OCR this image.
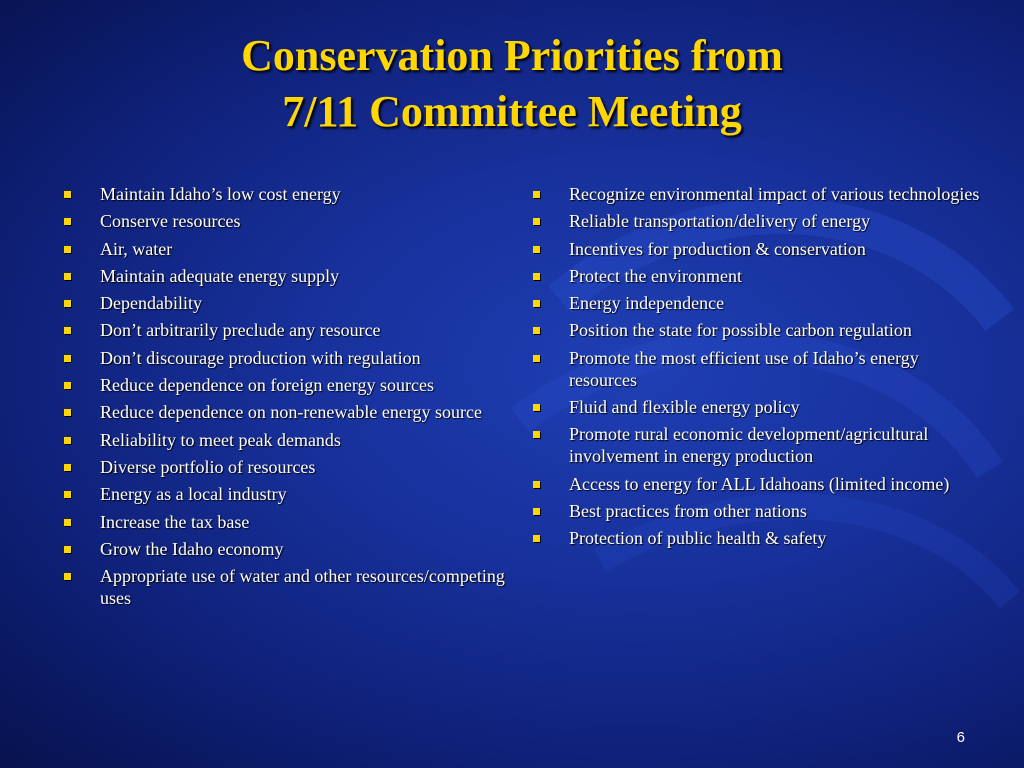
Conservation Priorities from
7/11 Committee Meeting
Maintain Idaho’s low cost energy
Conserve resources
Air, water
Maintain adequate energy supply
Dependability
Don’t arbitrarily preclude any resource
Don’t discourage production with regulation
Reduce dependence on foreign energy sources
Reduce dependence on non-renewable energy source
Reliability to meet peak demands
Diverse portfolio of resources
Energy as a local industry
Increase the tax base
Grow the Idaho economy
Appropriate use of water and other resources/competing uses
Recognize environmental impact of various technologies
Reliable transportation/delivery of energy
Incentives for production & conservation
Protect the environment
Energy independence
Position the state for possible carbon regulation
Promote the most efficient use of Idaho’s energy resources
Fluid and flexible energy policy
Promote rural economic development/agricultural involvement in energy production
Access to energy for ALL Idahoans (limited income)
Best practices from other nations
Protection of public health & safety
6
